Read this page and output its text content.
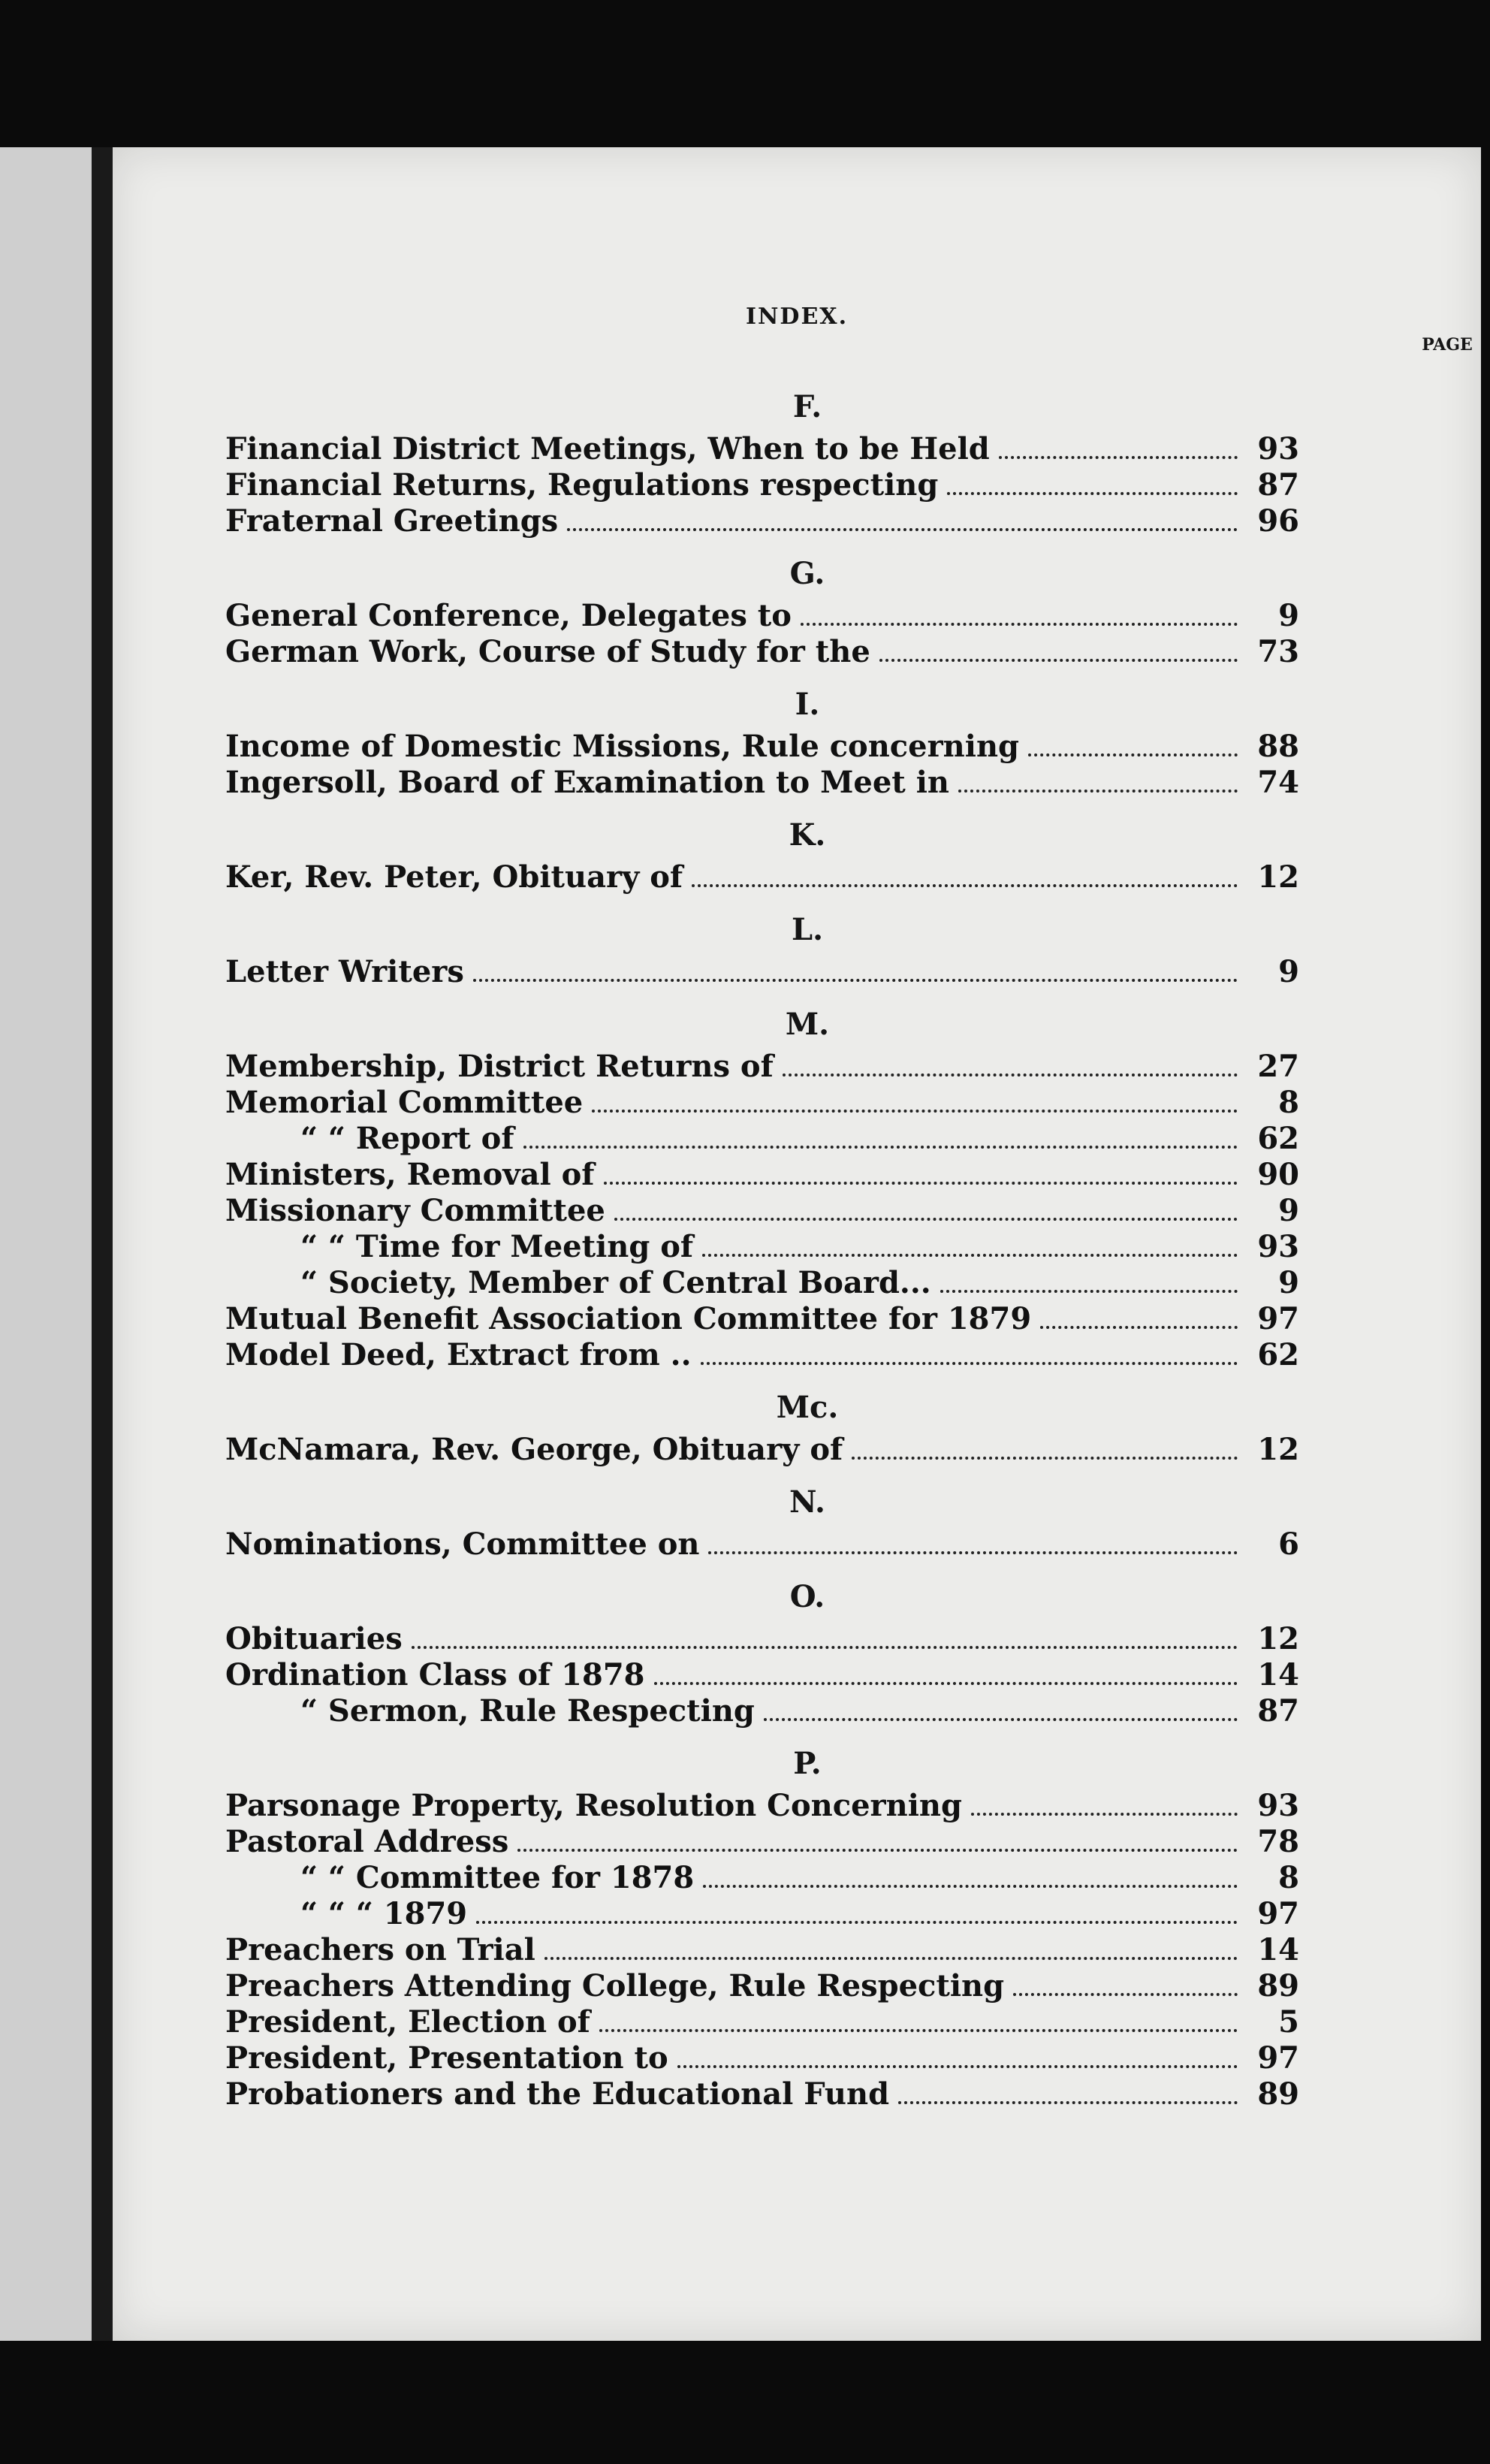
INDEX.
PAGE
F.
Financial District Meetings, When to be Held	93
Financial Returns, Regulations respecting	87
Fraternal Greetings	96
G.
General Conference, Delegates to	9
German Work, Course of Study for the	73
I.
Income of Domestic Missions, Rule concerning	88
Ingersoll, Board of Examination to Meet in	74
K.
Ker, Rev. Peter, Obituary of	12
L.
Letter Writers	9
M.
Membership, District Returns of	27
Memorial Committee	8
“ “ Report of	62
Ministers, Removal of	90
Missionary Committee	9
“ “ Time for Meeting of	93
“ Society, Member of Central Board...	9
Mutual Benefit Association Committee for 1879	97
Model Deed, Extract from ..	62
Mc.
McNamara, Rev. George, Obituary of	12
N.
Nominations, Committee on	6
O.
Obituaries	12
Ordination Class of 1878	14
“ Sermon, Rule Respecting	87
P.
Parsonage Property, Resolution Concerning	93
Pastoral Address	78
“ “ Committee for 1878	8
“ “ “ 1879	97
Preachers on Trial	14
Preachers Attending College, Rule Respecting	89
President, Election of	5
President, Presentation to	97
Probationers and the Educational Fund	89
